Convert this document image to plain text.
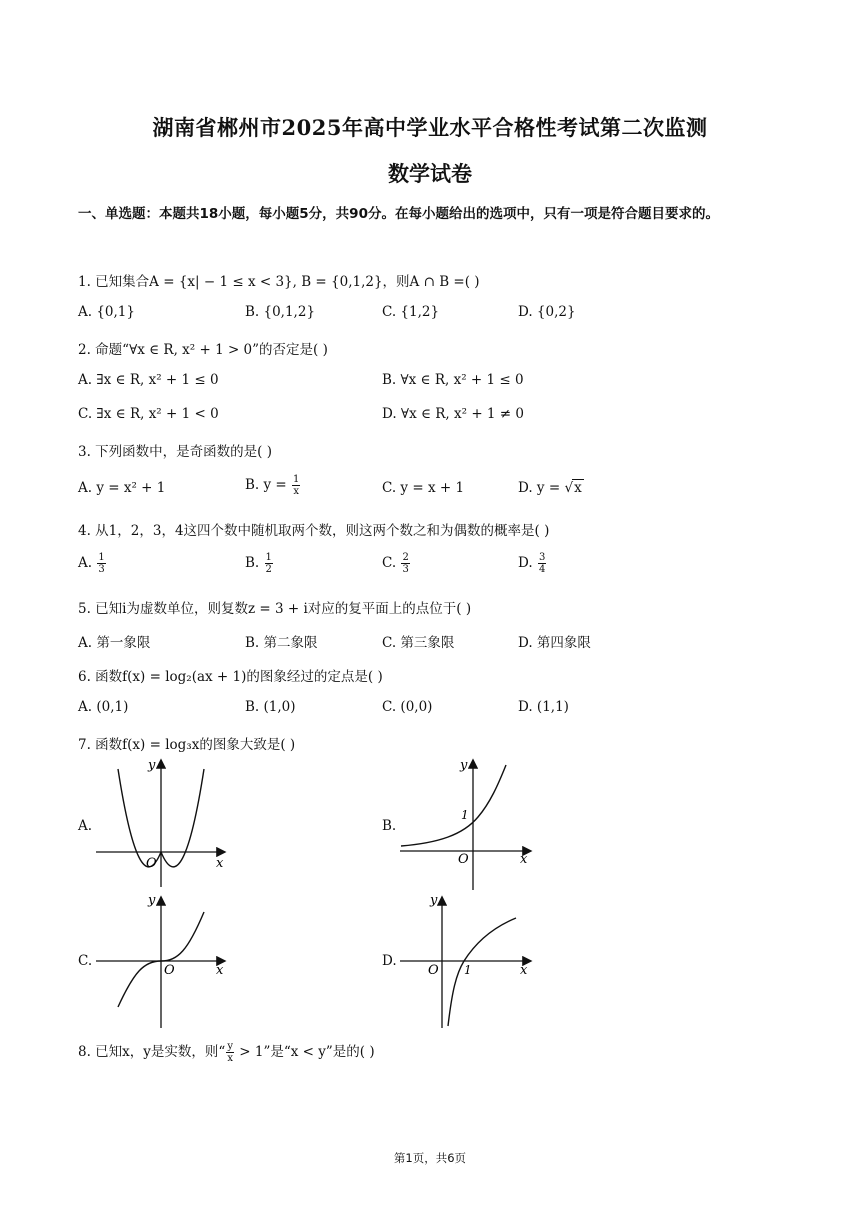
湖南省郴州市2025年高中学业水平合格性考试第二次监测
数学试卷
一、单选题：本题共18小题，每小题5分，共90分。在每小题给出的选项中，只有一项是符合题目要求的。
1. 已知集合A = {x| − 1 ≤ x < 3}, B = {0,1,2}，则A ∩ B =( )
A. {0,1}	B. {0,1,2}	C. {1,2}	D. {0,2}
2. 命题“∀x ∈ R, x² + 1 > 0”的否定是( )
A. ∃x ∈ R, x² + 1 ≤ 0	B. ∀x ∈ R, x² + 1 ≤ 0
C. ∃x ∈ R, x² + 1 < 0	D. ∀x ∈ R, x² + 1 ≠ 0
3. 下列函数中，是奇函数的是( )
A. y = x² + 1	B. $y = \frac{1}{x}$	C. y = x + 1	D. y = √x
4. 从1，2，3，4这四个数中随机取两个数，则这两个数之和为偶数的概率是( )
A. $\frac{1}{3}$	B. $\frac{1}{2}$	C. $\frac{2}{3}$	D. $\frac{3}{4}$
5. 已知i为虚数单位，则复数z = 3 + i对应的复平面上的点位于( )
A. 第一象限	B. 第二象限	C. 第三象限	D. 第四象限
6. 函数f(x) = log₂(ax + 1)的图象经过的定点是( )
A. (0,1)	B. (1,0)	C. (0,0)	D. (1,1)
7. 函数f(x) = log₃x的图象大致是( )
A.	B.
C.	D.
y
x
O
y
x
O
1
y
x
O
y
x
O 1
8. 已知x，y是实数，则“ $\frac{y}{x} > 1$”是“x < y”是的( )
第1页，共6页
